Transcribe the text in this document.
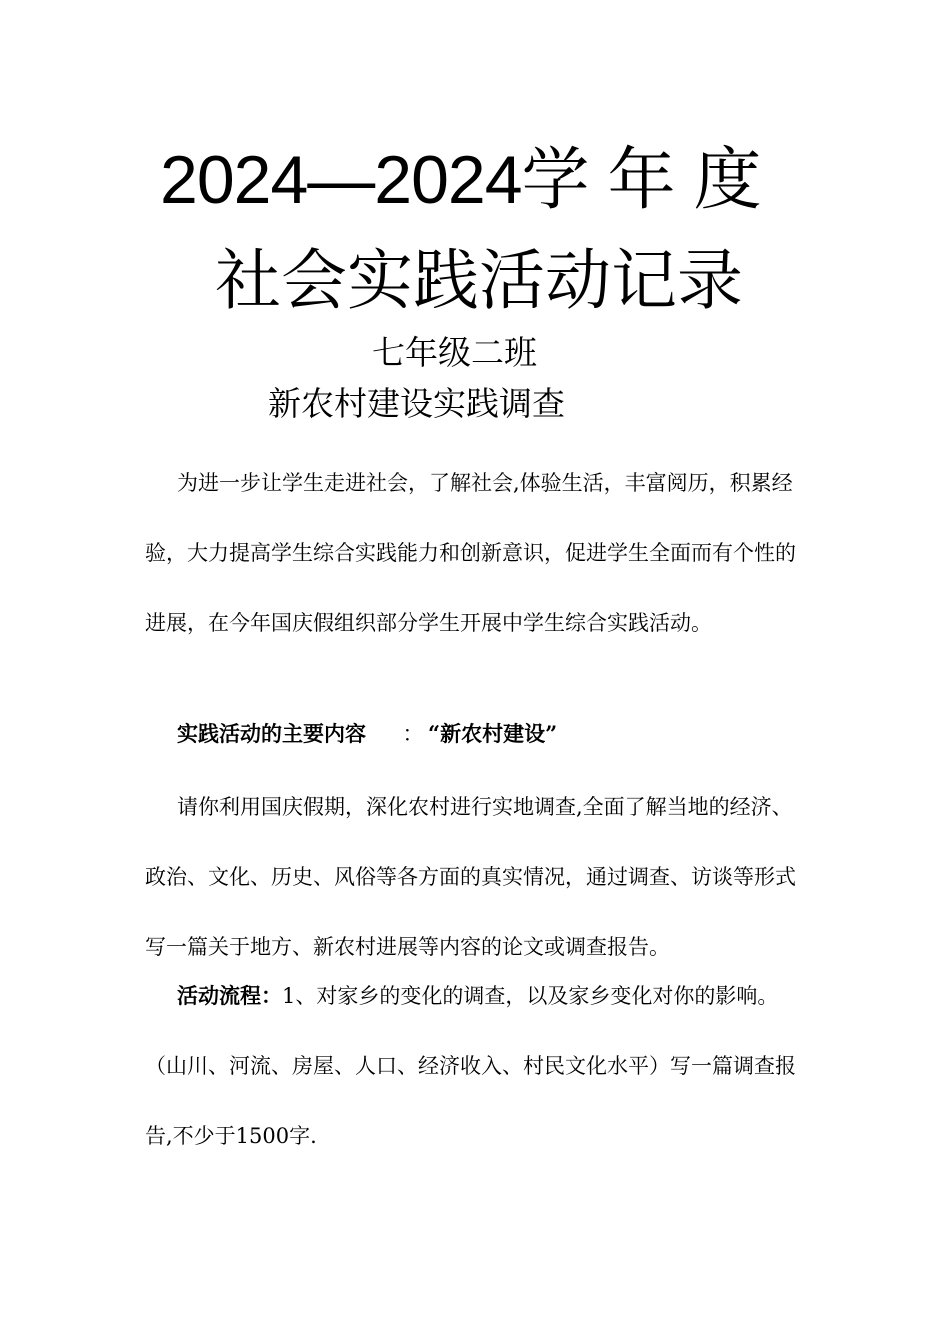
2024—2024学年度
社会实践活动记录
七年级二班
新农村建设实践调查
为进一步让学生走进社会，了解社会,体验生活，丰富阅历，积累经验，大力提高学生综合实践能力和创新意识，促进学生全面而有个性的进展，在今年国庆假组织部分学生开展中学生综合实践活动。
实践活动的主要内容 ： “新农村建设”
请你利用国庆假期，深化农村进行实地调查,全面了解当地的经济、政治、文化、历史、风俗等各方面的真实情况，通过调查、访谈等形式写一篇关于地方、新农村进展等内容的论文或调查报告。
活动流程：1、对家乡的变化的调查，以及家乡变化对你的影响。（山川、河流、房屋、人口、经济收入、村民文化水平）写一篇调查报告,不少于1500字.
